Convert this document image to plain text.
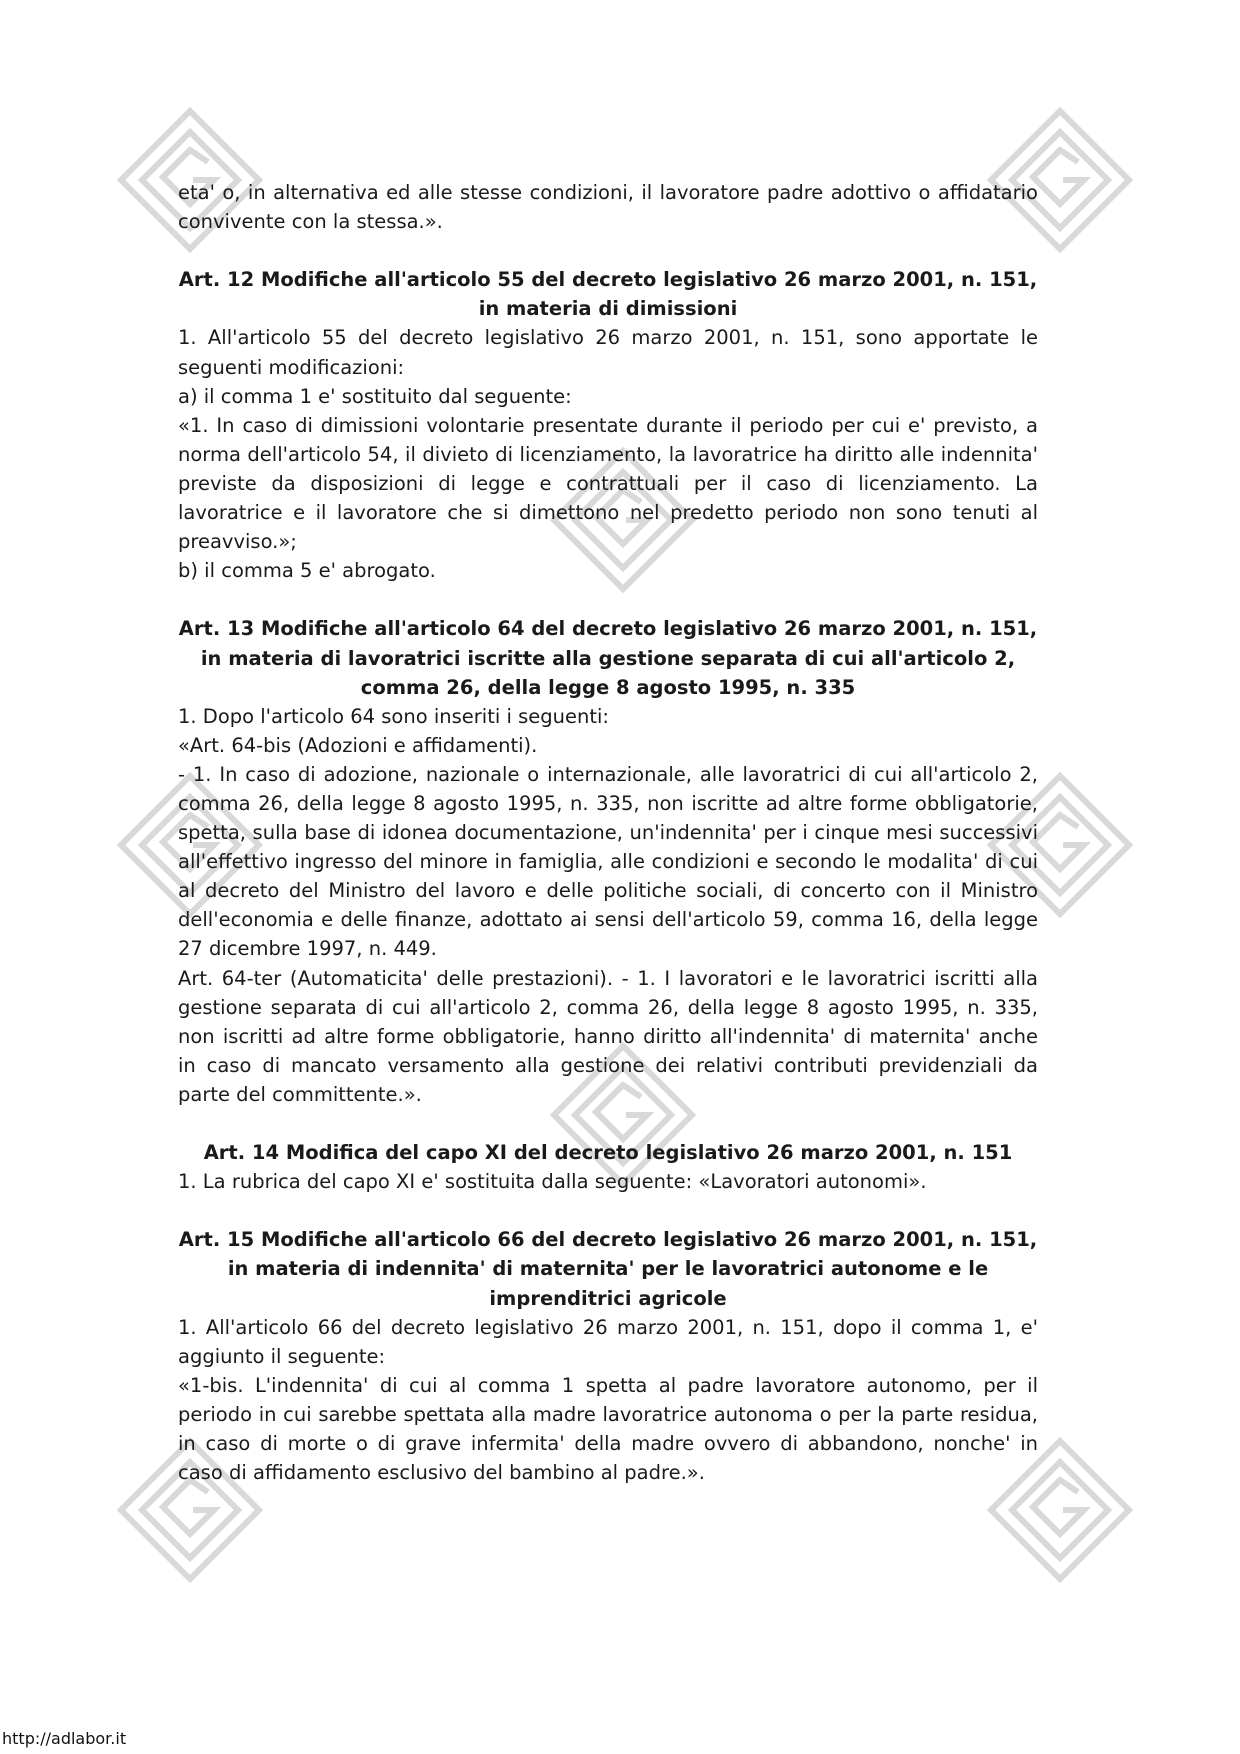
eta' o, in alternativa ed alle stesse condizioni, il lavoratore padre adottivo o affidatario convivente con la stessa.».

Art. 12 Modifiche all'articolo 55 del decreto legislativo 26 marzo 2001, n. 151, in materia di dimissioni

1. All'articolo 55 del decreto legislativo 26 marzo 2001, n. 151, sono apportate le seguenti modificazioni:

a) il comma 1 e' sostituito dal seguente:

«1. In caso di dimissioni volontarie presentate durante il periodo per cui e' previsto, a norma dell'articolo 54, il divieto di licenziamento, la lavoratrice ha diritto alle indennita' previste da disposizioni di legge e contrattuali per il caso di licenziamento. La lavoratrice e il lavoratore che si dimettono nel predetto periodo non sono tenuti al preavviso.»;

b) il comma 5 e' abrogato.

Art. 13 Modifiche all'articolo 64 del decreto legislativo 26 marzo 2001, n. 151, in materia di lavoratrici iscritte alla gestione separata di cui all'articolo 2, comma 26, della legge 8 agosto 1995, n. 335

1. Dopo l'articolo 64 sono inseriti i seguenti:

«Art. 64-bis (Adozioni e affidamenti).

- 1. In caso di adozione, nazionale o internazionale, alle lavoratrici di cui all'articolo 2, comma 26, della legge 8 agosto 1995, n. 335, non iscritte ad altre forme obbligatorie, spetta, sulla base di idonea documentazione, un'indennita' per i cinque mesi successivi all'effettivo ingresso del minore in famiglia, alle condizioni e secondo le modalita' di cui al decreto del Ministro del lavoro e delle politiche sociali, di concerto con il Ministro dell'economia e delle finanze, adottato ai sensi dell'articolo 59, comma 16, della legge 27 dicembre 1997, n. 449.

Art. 64-ter (Automaticita' delle prestazioni). - 1. I lavoratori e le lavoratrici iscritti alla gestione separata di cui all'articolo 2, comma 26, della legge 8 agosto 1995, n. 335, non iscritti ad altre forme obbligatorie, hanno diritto all'indennita' di maternita' anche in caso di mancato versamento alla gestione dei relativi contributi previdenziali da parte del committente.».

Art. 14 Modifica del capo XI del decreto legislativo 26 marzo 2001, n. 151

1. La rubrica del capo XI e' sostituita dalla seguente: «Lavoratori autonomi».

Art. 15 Modifiche all'articolo 66 del decreto legislativo 26 marzo 2001, n. 151, in materia di indennita' di maternita' per le lavoratrici autonome e le imprenditrici agricole

1. All'articolo 66 del decreto legislativo 26 marzo 2001, n. 151, dopo il comma 1, e' aggiunto il seguente:

«1-bis. L'indennita' di cui al comma 1 spetta al padre lavoratore autonomo, per il periodo in cui sarebbe spettata alla madre lavoratrice autonoma o per la parte residua, in caso di morte o di grave infermita' della madre ovvero di abbandono, nonche' in caso di affidamento esclusivo del bambino al padre.».

http://adlabor.it
